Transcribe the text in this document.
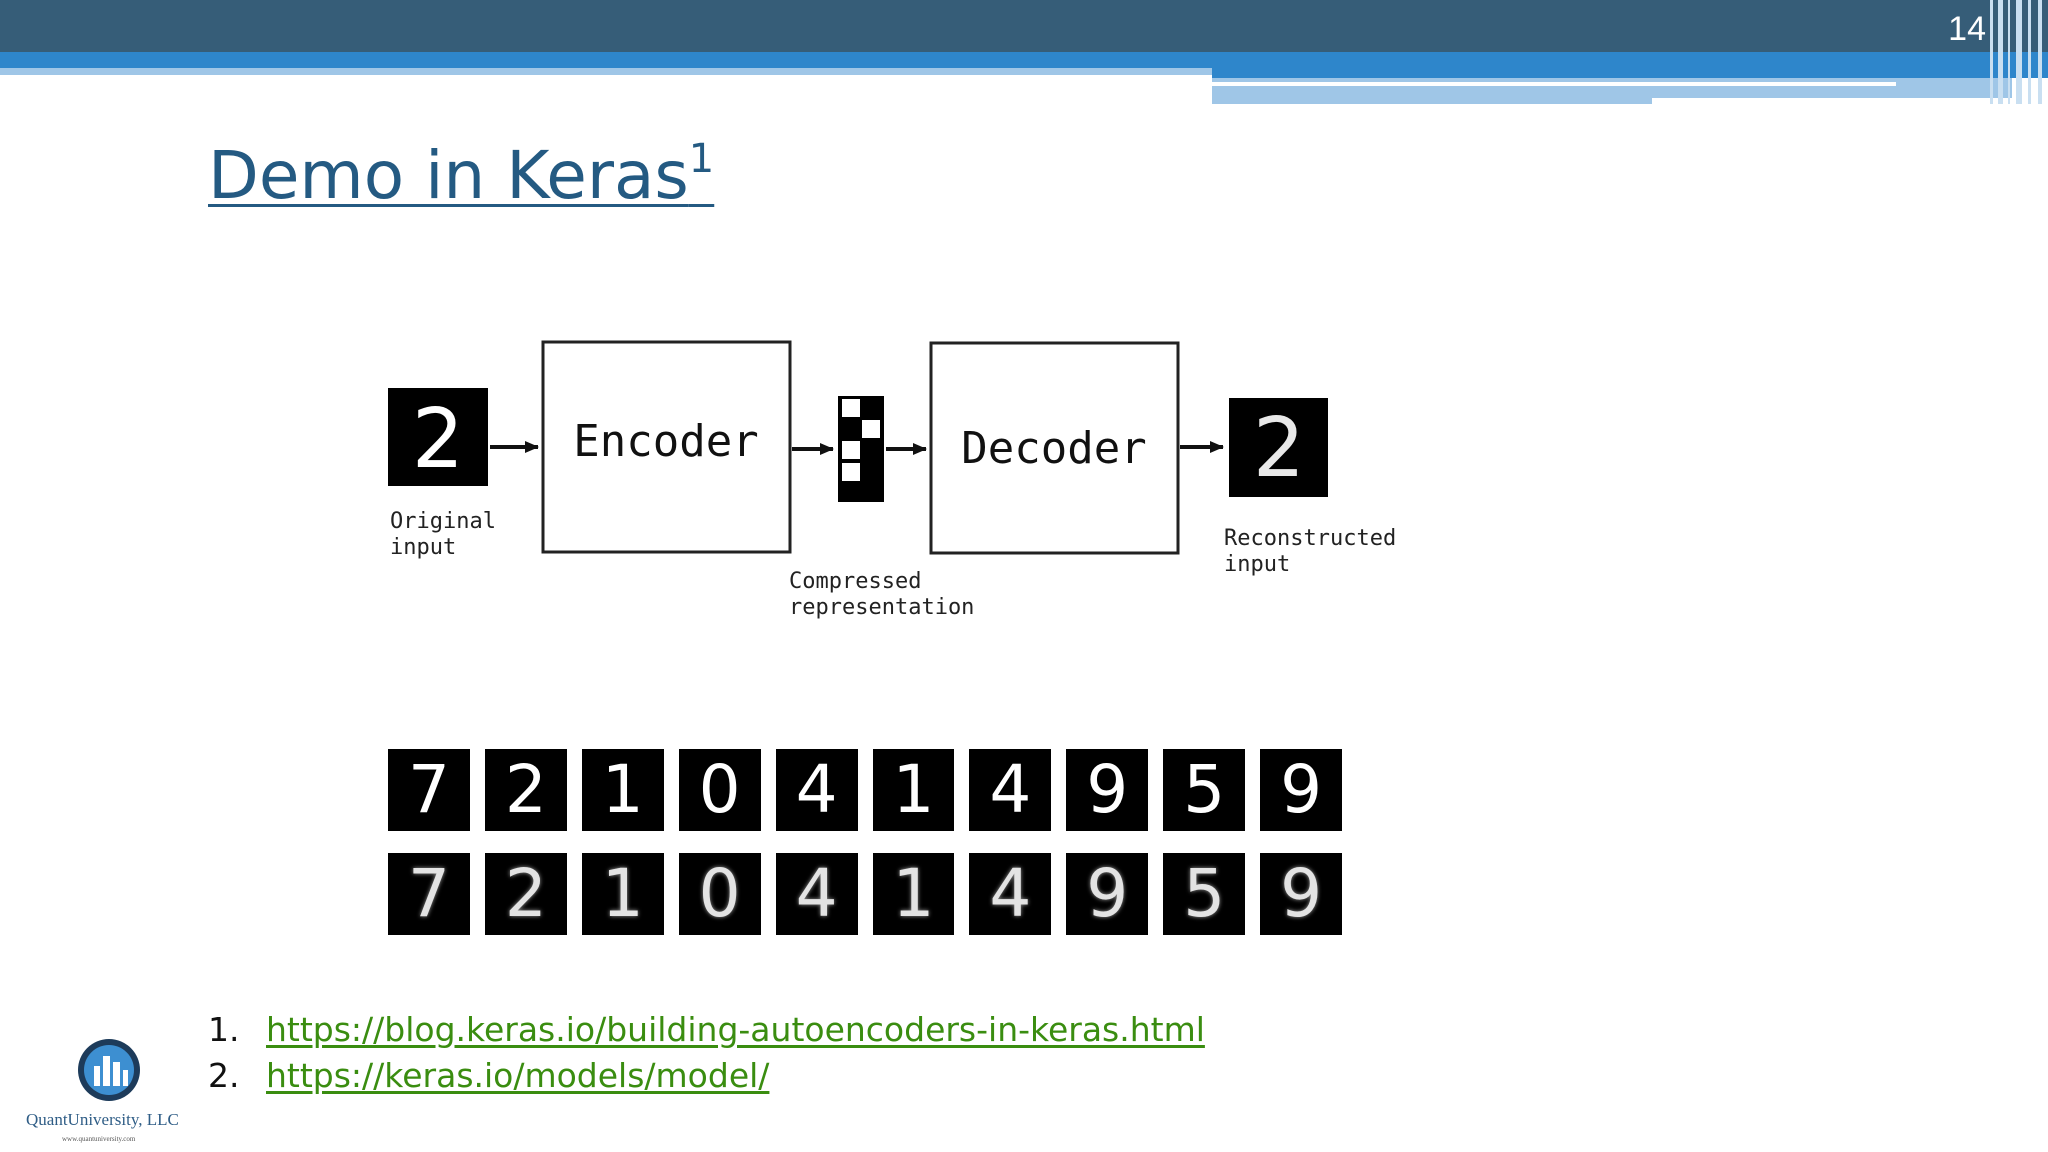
14
Demo in Keras$^1$
2 Encoder	Decoder 2
Original
input
Compressed
representation
Reconstructed
input
7 2 1 0 4 1 4 9 5 9
7 2 1 0 4 1 4 9 5 9
1. https://blog.keras.io/building-autoencoders-in-keras.html
2. https://keras.io/models/model/
QuantUniversity, LLC
www.quantuniversity.com
